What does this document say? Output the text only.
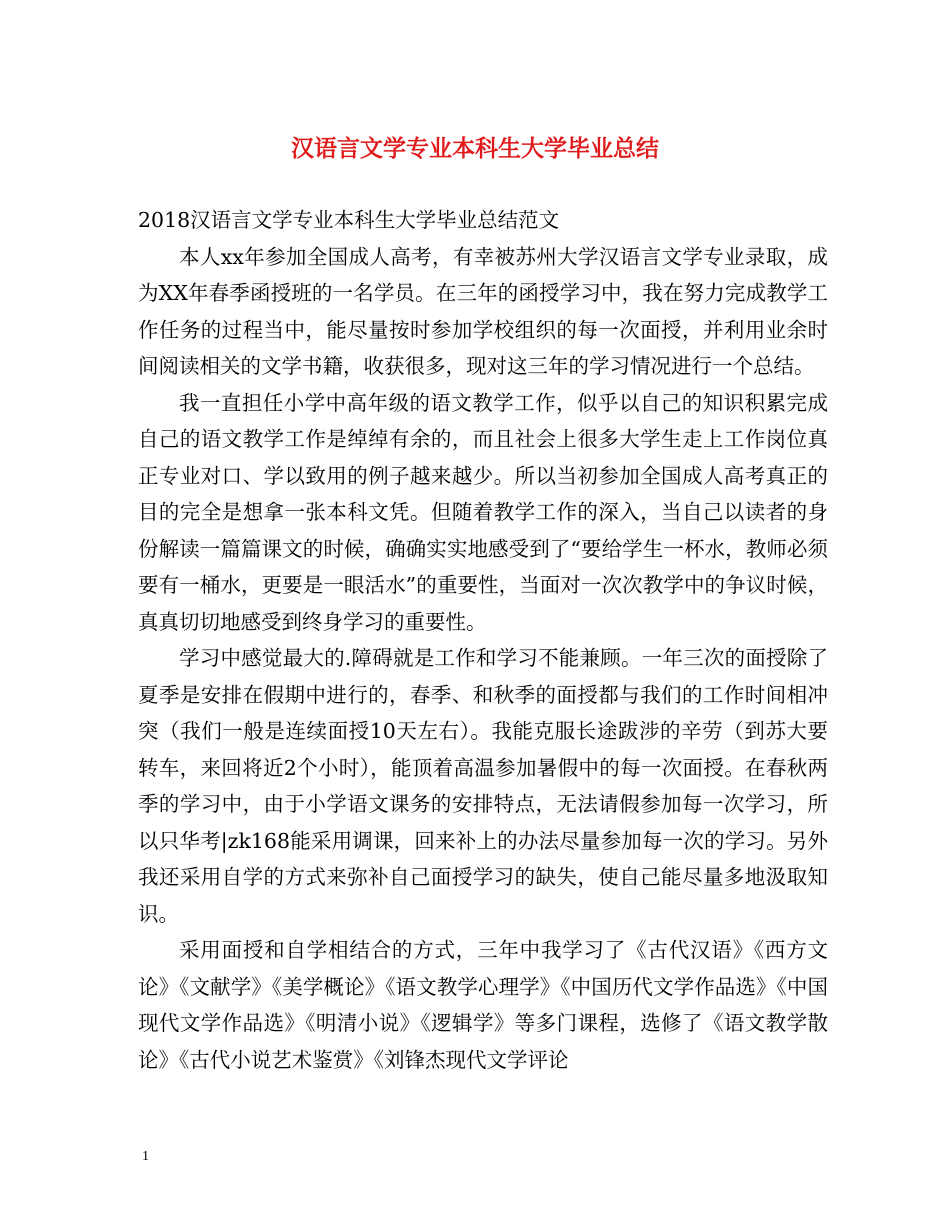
汉语言文学专业本科生大学毕业总结

2018汉语言文学专业本科生大学毕业总结范文

本人xx年参加全国成人高考，有幸被苏州大学汉语言文学专业录取，成为XX年春季函授班的一名学员。在三年的函授学习中，我在努力完成教学工作任务的过程当中，能尽量按时参加学校组织的每一次面授，并利用业余时间阅读相关的文学书籍，收获很多，现对这三年的学习情况进行一个总结。

我一直担任小学中高年级的语文教学工作，似乎以自己的知识积累完成自己的语文教学工作是绰绰有余的，而且社会上很多大学生走上工作岗位真正专业对口、学以致用的例子越来越少。所以当初参加全国成人高考真正的目的完全是想拿一张本科文凭。但随着教学工作的深入，当自己以读者的身份解读一篇篇课文的时候，确确实实地感受到了“要给学生一杯水，教师必须要有一桶水，更要是一眼活水”的重要性，当面对一次次教学中的争议时候，真真切切地感受到终身学习的重要性。

学习中感觉最大的.障碍就是工作和学习不能兼顾。一年三次的面授除了夏季是安排在假期中进行的，春季、和秋季的面授都与我们的工作时间相冲突（我们一般是连续面授10天左右）。我能克服长途跋涉的辛劳（到苏大要转车，来回将近2个小时），能顶着高温参加暑假中的每一次面授。在春秋两季的学习中，由于小学语文课务的安排特点，无法请假参加每一次学习，所以只华考|zk168能采用调课，回来补上的办法尽量参加每一次的学习。另外我还采用自学的方式来弥补自己面授学习的缺失，使自己能尽量多地汲取知识。

采用面授和自学相结合的方式，三年中我学习了《古代汉语》《西方文论》《文献学》《美学概论》《语文教学心理学》《中国历代文学作品选》《中国现代文学作品选》《明清小说》《逻辑学》等多门课程，选修了《语文教学散论》《古代小说艺术鉴赏》《刘锋杰现代文学评论

1
